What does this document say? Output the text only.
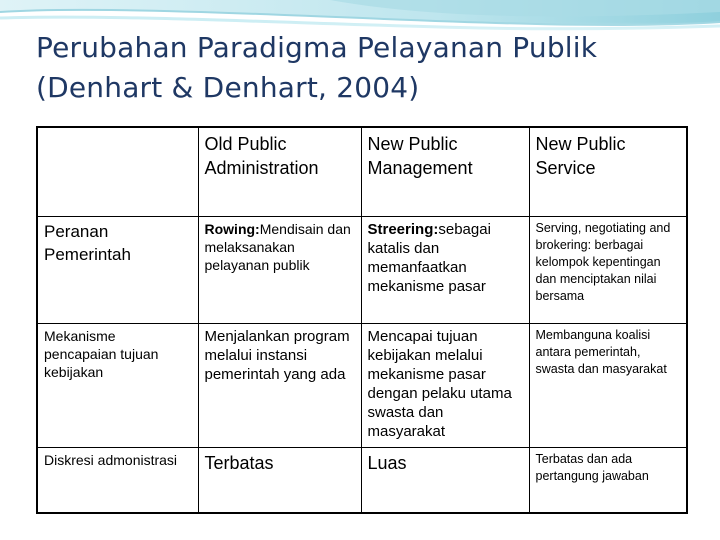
Perubahan Paradigma Pelayanan Publik
(Denhart & Denhart, 2004)
	Old Public Administration	New Public Management	New Public Service
Peranan Pemerintah	Rowing:Mendisain dan melaksanakan pelayanan publik	Streering:sebagai katalis dan memanfaatkan mekanisme pasar	Serving, negotiating and brokering: berbagai kelompok kepentingan dan menciptakan nilai bersama
Mekanisme pencapaian tujuan kebijakan	Menjalankan program melalui instansi pemerintah yang ada	Mencapai tujuan kebijakan melalui mekanisme pasar dengan pelaku utama swasta dan masyarakat	Membanguna koalisi antara pemerintah, swasta dan masyarakat
Diskresi admonistrasi	Terbatas	Luas	Terbatas dan ada pertangung jawaban
